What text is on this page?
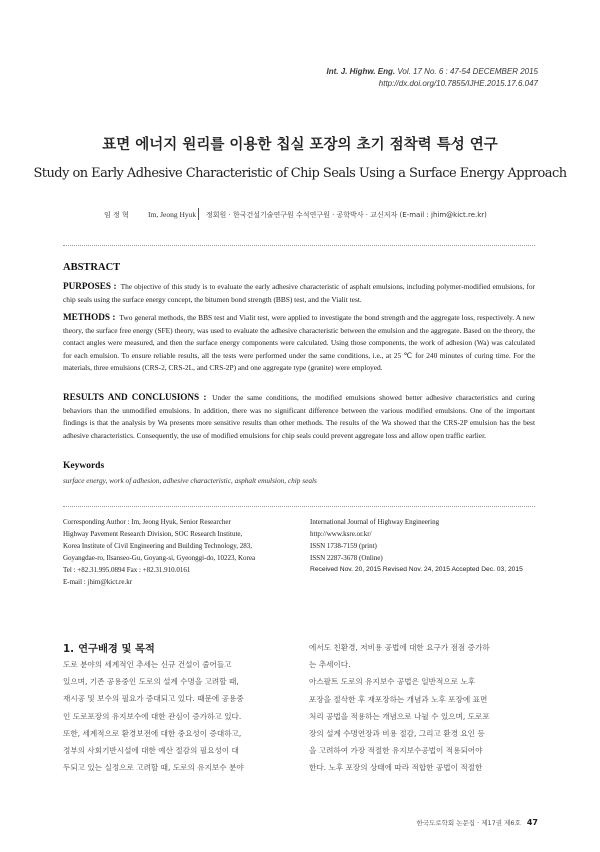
Int. J. Highw. Eng. Vol. 17 No. 6 : 47-54 DECEMBER 2015
http://dx.doi.org/10.7855/IJHE.2015.17.6.047
표면 에너지 원리를 이용한 칩실 포장의 초기 점착력 특성 연구
Study on Early Adhesive Characteristic of Chip Seals Using a Surface Energy Approach
임 정 혁	Im, Jeong Hyuk 정회원 · 한국건설기술연구원 수석연구원 · 공학박사 · 교신저자 (E-mail : jhim@kict.re.kr)
ABSTRACT
PURPOSES : The objective of this study is to evaluate the early adhesive characteristic of asphalt emulsions, including polymer-modified emulsions, for chip seals using the surface energy concept, the bitumen bond strength (BBS) test, and the Vialit test.
METHODS : Two general methods, the BBS test and Vialit test, were applied to investigate the bond strength and the aggregate loss, respectively. A new theory, the surface free energy (SFE) theory, was used to evaluate the adhesive characteristic between the emulsion and the aggregate. Based on the theory, the contact angles were measured, and then the surface energy components were calculated. Using those components, the work of adhesion (Wa) was calculated for each emulsion. To ensure reliable results, all the tests were performed under the same conditions, i.e., at 25 ℃ for 240 minutes of curing time. For the materials, three emulsions (CRS-2, CRS-2L, and CRS-2P) and one aggregate type (granite) were employed.
RESULTS AND CONCLUSIONS : Under the same conditions, the modified emulsions showed better adhesive characteristics and curing behaviors than the unmodified emulsions. In addition, there was no significant difference between the various modified emulsions. One of the important findings is that the analysis by Wa presents more sensitive results than other methods. The results of the Wa showed that the CRS-2P emulsion has the best adhesive characteristics. Consequently, the use of modified emulsions for chip seals could prevent aggregate loss and allow open traffic earlier.
Keywords
surface energy, work of adhesion, adhesive characteristic, asphalt emulsion, chip seals
Corresponding Author : Im, Jeong Hyuk, Senior Researcher
Highway Pavement Research Division, SOC Research Institute,
Korea Institute of Civil Engineering and Building Technology, 283,
Goyangdae-ro, Ilsanseo-Gu, Goyang-si, Gyeonggi-do, 10223, Korea
Tel : +82.31.995.0894 Fax : +82.31.910.0161
E-mail : jhim@kict.re.kr
International Journal of Highway Engineering
http://www.ksre.or.kr/
ISSN 1738-7159 (print)
ISSN 2287-3678 (Online)
Received Nov. 20, 2015 Revised Nov. 24, 2015 Accepted Dec. 03, 2015
1. 연구배경 및 목적
도로 분야의 세계적인 추세는 신규 건설이 줄어들고
있으며, 기존 공용중인 도로의 설계 수명을 고려할 때,
재시공 및 보수의 필요가 증대되고 있다. 때문에 공용중
인 도로포장의 유지보수에 대한 관심이 증가하고 있다.
또한, 세계적으로 환경보전에 대한 중요성이 증대하고,
정부의 사회기반시설에 대한 예산 절감의 필요성이 대
두되고 있는 실정으로 고려할 때, 도로의 유지보수 분야
에서도 친환경, 저비용 공법에 대한 요구가 점점 증가하
는 추세이다.
아스팔트 도로의 유지보수 공법은 일반적으로 노후
포장을 절삭한 후 재포장하는 개념과 노후 포장에 표면
처리 공법을 적용하는 개념으로 나뉠 수 있으며, 도로포
장의 설계 수명연장과 비용 절감, 그리고 환경 요인 등
을 고려하여 가장 적절한 유지보수공법이 적용되어야
한다. 노후 포장의 상태에 따라 적합한 공법이 적절한
한국도로학회 논문집 · 제17권 제6호 47
